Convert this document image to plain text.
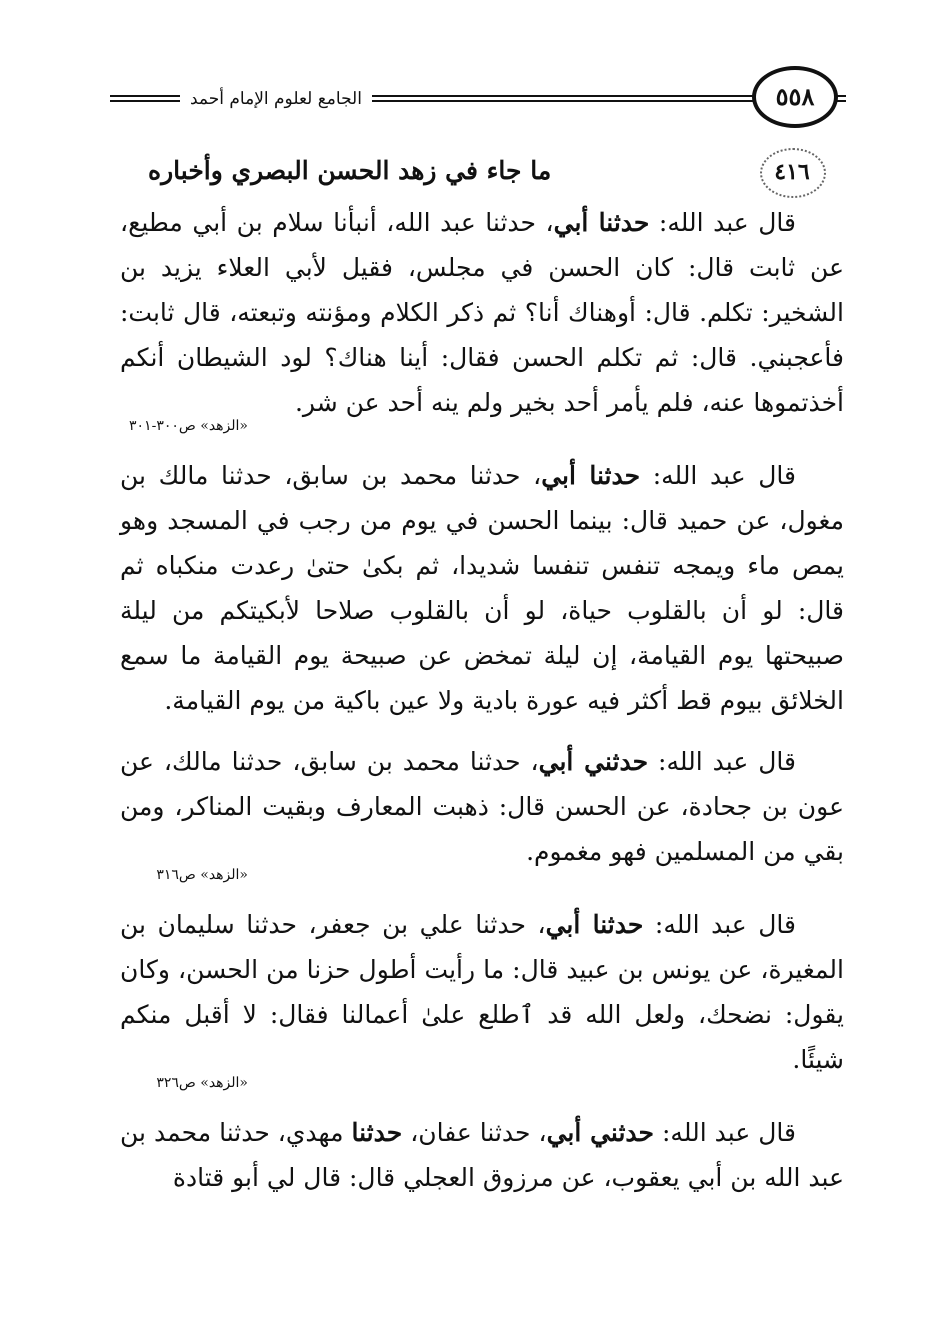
الجامع لعلوم الإمام أحمد	٥٥٨
٤١٦
ما جاء في زهد الحسن البصري وأخباره

قال عبد الله: حدثنا أبي، حدثنا عبد الله، أنبأنا سلام بن أبي مطيع، عن ثابت قال: كان الحسن في مجلس، فقيل لأبي العلاء يزيد بن الشخير: تكلم. قال: أوهناك أنا؟ ثم ذكر الكلام ومؤنته وتبعته، قال ثابت: فأعجبني. قال: ثم تكلم الحسن فقال: أينا هناك؟ لود الشيطان أنكم أخذتموها عنه، فلم يأمر أحد بخير ولم ينه أحد عن شر.

«الزهد» ص٣٠٠-٣٠١

قال عبد الله: حدثنا أبي، حدثنا محمد بن سابق، حدثنا مالك بن مغول، عن حميد قال: بينما الحسن في يوم من رجب في المسجد وهو يمص ماء ويمجه تنفس تنفسا شديدا، ثم بكىٰ حتىٰ رعدت منكباه ثم قال: لو أن بالقلوب حياة، لو أن بالقلوب صلاحا لأبكيتكم من ليلة صبيحتها يوم القيامة، إن ليلة تمخض عن صبيحة يوم القيامة ما سمع الخلائق بيوم قط أكثر فيه عورة بادية ولا عين باكية من يوم القيامة.

قال عبد الله: حدثني أبي، حدثنا محمد بن سابق، حدثنا مالك، عن عون بن جحادة، عن الحسن قال: ذهبت المعارف وبقيت المناكر، ومن بقي من المسلمين فهو مغموم.

«الزهد» ص٣١٦

قال عبد الله: حدثنا أبي، حدثنا علي بن جعفر، حدثنا سليمان بن المغيرة، عن يونس بن عبيد قال: ما رأيت أطول حزنا من الحسن، وكان يقول: نضحك، ولعل الله قد ٱطلع علىٰ أعمالنا فقال: لا أقبل منكم شيئًا.

«الزهد» ص٣٢٦

قال عبد الله: حدثني أبي، حدثنا عفان، حدثنا مهدي، حدثنا محمد بن عبد الله بن أبي يعقوب، عن مرزوق العجلي قال: قال لي أبو قتادة
